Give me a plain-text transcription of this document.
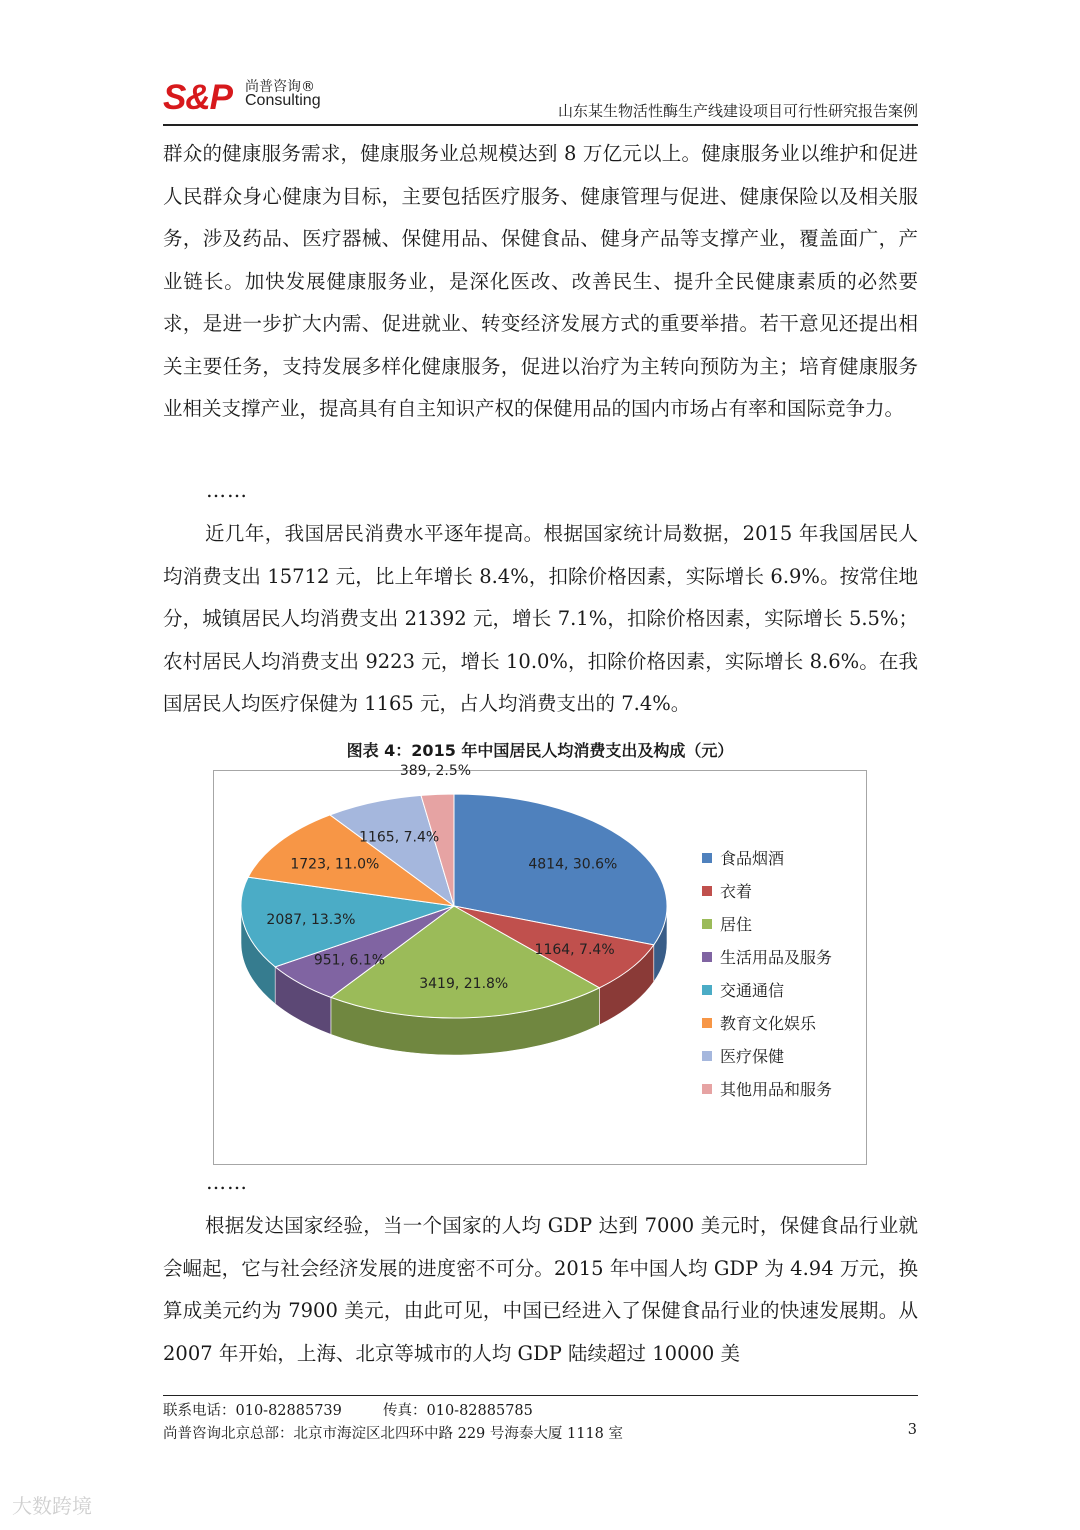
S&P 尚普咨询®
Consulting
山东某生物活性酶生产线建设项目可行性研究报告案例
群众的健康服务需求，健康服务业总规模达到 8 万亿元以上。健康服务业以维护和促进人民群众身心健康为目标，主要包括医疗服务、健康管理与促进、健康保险以及相关服务，涉及药品、医疗器械、保健用品、保健食品、健身产品等支撑产业，覆盖面广，产业链长。加快发展健康服务业，是深化医改、改善民生、提升全民健康素质的必然要求，是进一步扩大内需、促进就业、转变经济发展方式的重要举措。若干意见还提出相关主要任务，支持发展多样化健康服务，促进以治疗为主转向预防为主；培育健康服务业相关支撑产业，提高具有自主知识产权的保健用品的国内市场占有率和国际竞争力。
……
近几年，我国居民消费水平逐年提高。根据国家统计局数据，2015 年我国居民人均消费支出 15712 元，比上年增长 8.4%，扣除价格因素，实际增长 6.9%。按常住地分，城镇居民人均消费支出 21392 元，增长 7.1%，扣除价格因素，实际增长 5.5%；农村居民人均消费支出 9223 元，增长 10.0%，扣除价格因素，实际增长 8.6%。在我国居民人均医疗保健为 1165 元，占人均消费支出的 7.4%。
图表 4：2015 年中国居民人均消费支出及构成（元）
4814, 30.6%
1164, 7.4%
3419, 21.8%
951, 6.1%
2087, 13.3%
1723, 11.0%
1165, 7.4%
389, 2.5%
食品烟酒
衣着
居住
生活用品及服务
交通通信
教育文化娱乐
医疗保健
其他用品和服务
……
根据发达国家经验，当一个国家的人均 GDP 达到 7000 美元时，保健食品行业就会崛起，它与社会经济发展的进度密不可分。2015 年中国人均 GDP 为 4.94 万元，换算成美元约为 7900 美元，由此可见，中国已经进入了保健食品行业的快速发展期。从 2007 年开始，上海、北京等城市的人均 GDP 陆续超过 10000 美
联系电话：010-82885739	传真：010-82885785
尚普咨询北京总部：北京市海淀区北四环中路 229 号海泰大厦 1118 室	3
大数跨境
